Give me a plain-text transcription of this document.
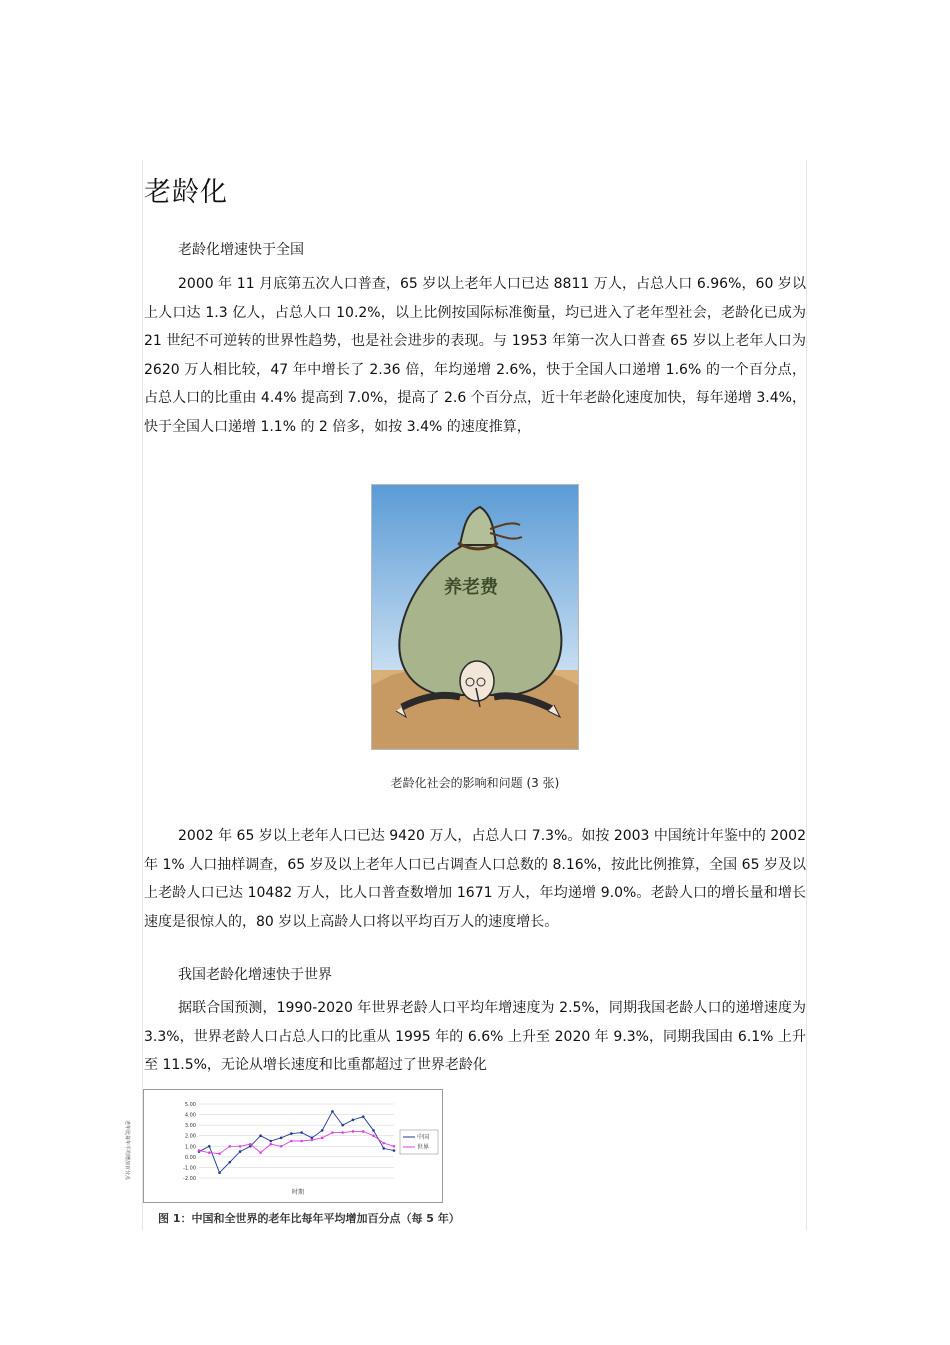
老龄化
老龄化增速快于全国

2000 年 11 月底第五次人口普查，65 岁以上老年人口已达 8811 万人，占总人口 6.96%，60 岁以上人口达 1.3 亿人，占总人口 10.2%，以上比例按国际标准衡量，均已进入了老年型社会，老龄化已成为 21 世纪不可逆转的世界性趋势，也是社会进步的表现。与 1953 年第一次人口普查 65 岁以上老年人口为 2620 万人相比较，47 年中增长了 2.36 倍，年均递增 2.6%，快于全国人口递增 1.6% 的一个百分点，占总人口的比重由 4.4% 提高到 7.0%，提高了 2.6 个百分点，近十年老龄化速度加快，每年递增 3.4%，快于全国人口递增 1.1% 的 2 倍多，如按 3.4% 的速度推算，

养老费
老龄化社会的影响和问题 (3 张)

2002 年 65 岁以上老年人口已达 9420 万人，占总人口 7.3%。如按 2003 中国统计年鉴中的 2002 年 1% 人口抽样调查，65 岁及以上老年人口已占调查人口总数的 8.16%，按此比例推算，全国 65 岁及以上老龄人口已达 10482 万人，比人口普查数增加 1671 万人，年均递增 9.0%。老龄人口的增长量和增长速度是很惊人的，80 岁以上高龄人口将以平均百万人的速度增长。

我国老龄化增速快于世界

据联合国预测，1990-2020 年世界老龄人口平均年增速度为 2.5%，同期我国老龄人口的递增速度为 3.3%，世界老龄人口占总人口的比重从 1995 年的 6.6% 上升至 2020 年 9.3%，同期我国由 6.1% 上升至 11.5%，无论从增长速度和比重都超过了世界老龄化

5.00
4.00
3.00
2.00
1.00
0.00
-1.00
-2.00
老年比每年平均增加百分点
时期
中国
世界
图 1：中国和全世界的老年比每年平均增加百分点（每 5 年）
